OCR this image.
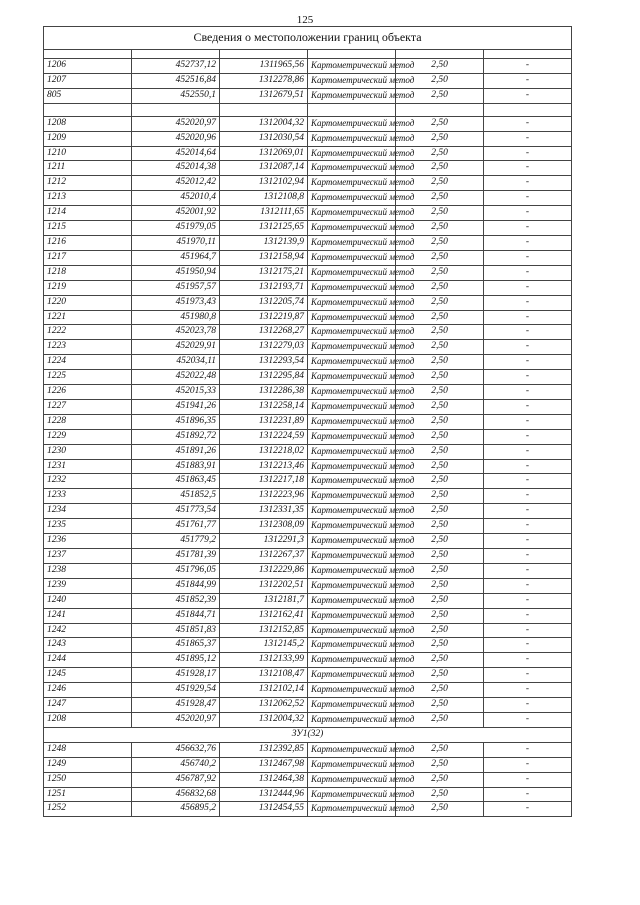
125
Сведения о местоположении границ объекта					

1206	452737,12	1311965,56	Картометрический метод	2,50	-
1207	452516,84	1312278,86	Картометрический метод	2,50	-
805	452550,1	1312679,51	Картометрический метод	2,50	-

1208	452020,97	1312004,32	Картометрический метод	2,50	-
1209	452020,96	1312030,54	Картометрический метод	2,50	-
1210	452014,64	1312069,01	Картометрический метод	2,50	-
1211	452014,38	1312087,14	Картометрический метод	2,50	-
1212	452012,42	1312102,94	Картометрический метод	2,50	-
1213	452010,4	1312108,8	Картометрический метод	2,50	-
1214	452001,92	1312111,65	Картометрический метод	2,50	-
1215	451979,05	1312125,65	Картометрический метод	2,50	-
1216	451970,11	1312139,9	Картометрический метод	2,50	-
1217	451964,7	1312158,94	Картометрический метод	2,50	-
1218	451950,94	1312175,21	Картометрический метод	2,50	-
1219	451957,57	1312193,71	Картометрический метод	2,50	-
1220	451973,43	1312205,74	Картометрический метод	2,50	-
1221	451980,8	1312219,87	Картометрический метод	2,50	-
1222	452023,78	1312268,27	Картометрический метод	2,50	-
1223	452029,91	1312279,03	Картометрический метод	2,50	-
1224	452034,11	1312293,54	Картометрический метод	2,50	-
1225	452022,48	1312295,84	Картометрический метод	2,50	-
1226	452015,33	1312286,38	Картометрический метод	2,50	-
1227	451941,26	1312258,14	Картометрический метод	2,50	-
1228	451896,35	1312231,89	Картометрический метод	2,50	-
1229	451892,72	1312224,59	Картометрический метод	2,50	-
1230	451891,26	1312218,02	Картометрический метод	2,50	-
1231	451883,91	1312213,46	Картометрический метод	2,50	-
1232	451863,45	1312217,18	Картометрический метод	2,50	-
1233	451852,5	1312223,96	Картометрический метод	2,50	-
1234	451773,54	1312331,35	Картометрический метод	2,50	-
1235	451761,77	1312308,09	Картометрический метод	2,50	-
1236	451779,2	1312291,3	Картометрический метод	2,50	-
1237	451781,39	1312267,37	Картометрический метод	2,50	-
1238	451796,05	1312229,86	Картометрический метод	2,50	-
1239	451844,99	1312202,51	Картометрический метод	2,50	-
1240	451852,39	1312181,7	Картометрический метод	2,50	-
1241	451844,71	1312162,41	Картометрический метод	2,50	-
1242	451851,83	1312152,85	Картометрический метод	2,50	-
1243	451865,37	1312145,2	Картометрический метод	2,50	-
1244	451895,12	1312133,99	Картометрический метод	2,50	-
1245	451928,17	1312108,47	Картометрический метод	2,50	-
1246	451929,54	1312102,14	Картометрический метод	2,50	-
1247	451928,47	1312062,52	Картометрический метод	2,50	-
1208	452020,97	1312004,32	Картометрический метод	2,50	-
ЗУ1(32)					
1248	456632,76	1312392,85	Картометрический метод	2,50	-
1249	456740,2	1312467,98	Картометрический метод	2,50	-
1250	456787,92	1312464,38	Картометрический метод	2,50	-
1251	456832,68	1312444,96	Картометрический метод	2,50	-
1252	456895,2	1312454,55	Картометрический метод	2,50	-
